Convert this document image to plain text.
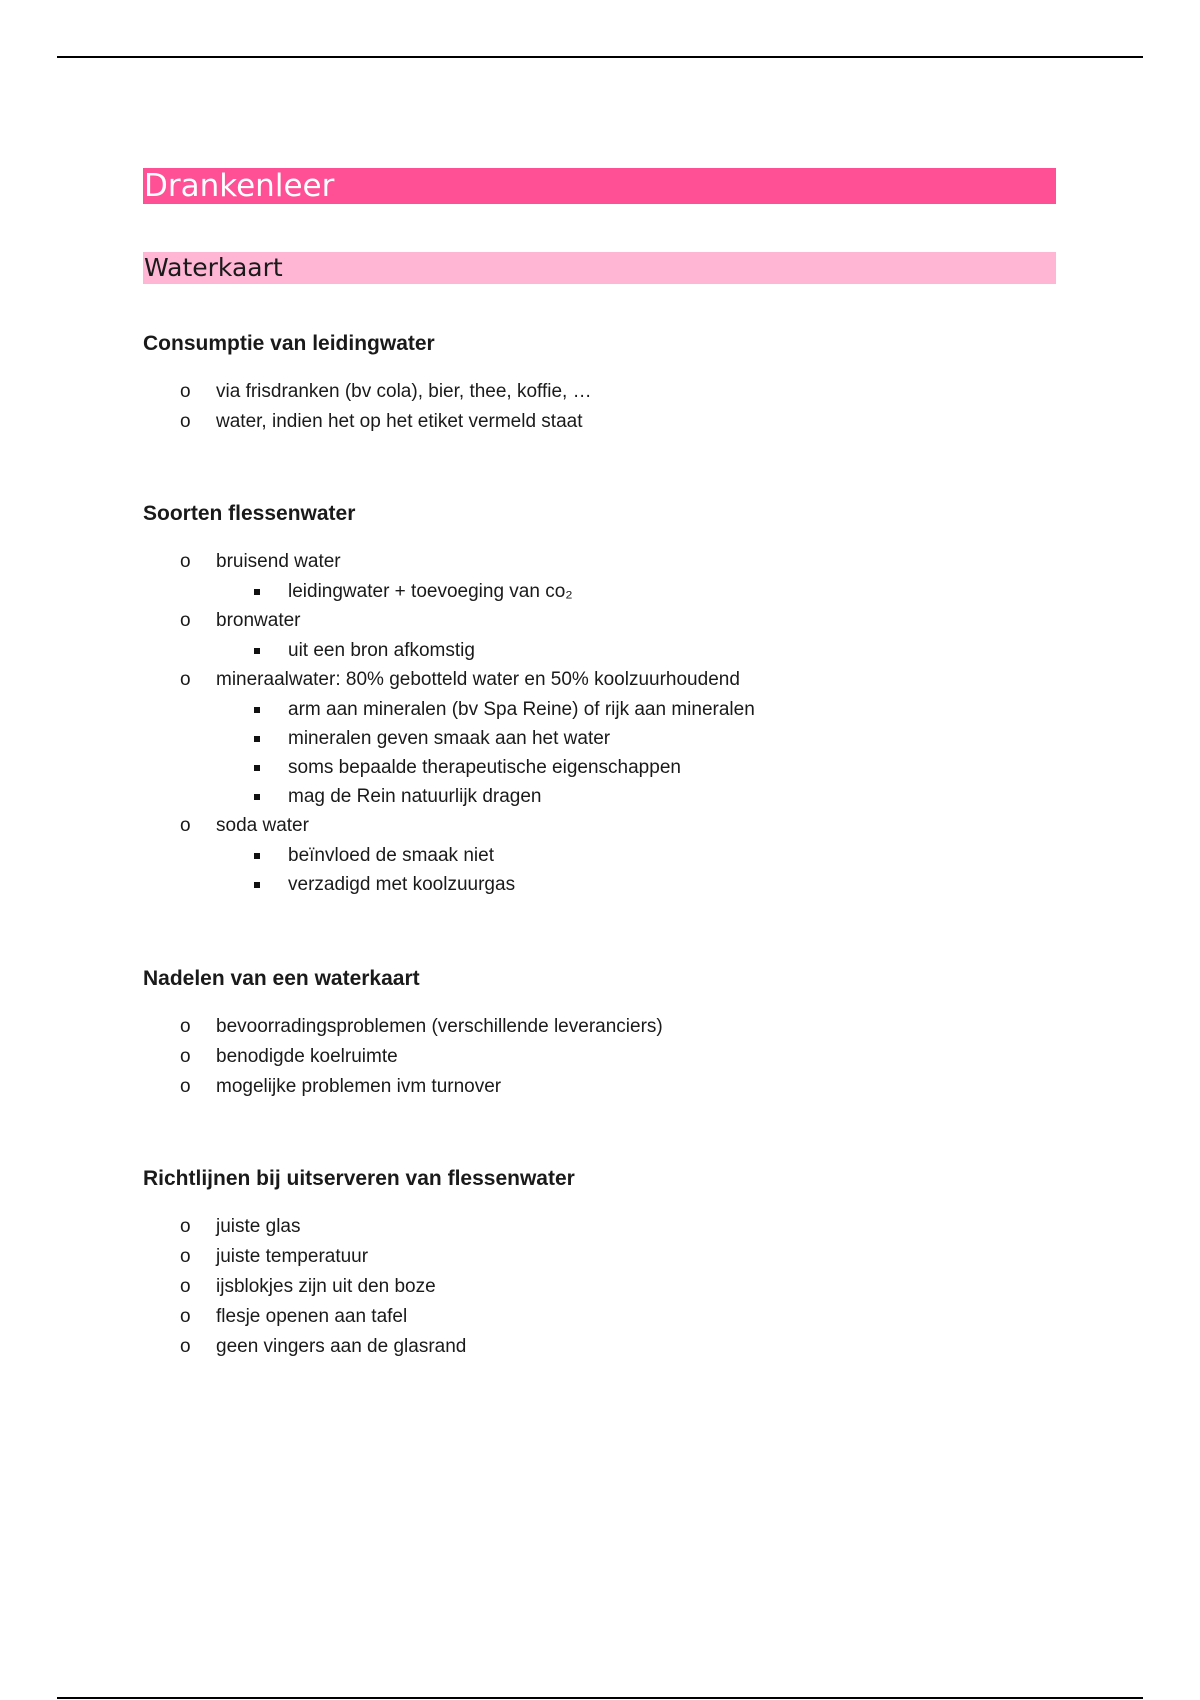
Drankenleer
Waterkaart
Consumptie van leidingwater
o via frisdranken (bv cola), bier, thee, koffie, …
o water, indien het op het etiket vermeld staat
Soorten flessenwater
o bruisend water
leidingwater + toevoeging van co₂
o bronwater
uit een bron afkomstig
o mineraalwater: 80% gebotteld water en 50% koolzuurhoudend
arm aan mineralen (bv Spa Reine) of rijk aan mineralen
mineralen geven smaak aan het water
soms bepaalde therapeutische eigenschappen
mag de Rein natuurlijk dragen
o soda water
beïnvloed de smaak niet
verzadigd met koolzuurgas
Nadelen van een waterkaart
o bevoorradingsproblemen (verschillende leveranciers)
o benodigde koelruimte
o mogelijke problemen ivm turnover
Richtlijnen bij uitserveren van flessenwater
o juiste glas
o juiste temperatuur
o ijsblokjes zijn uit den boze
o flesje openen aan tafel
o geen vingers aan de glasrand
